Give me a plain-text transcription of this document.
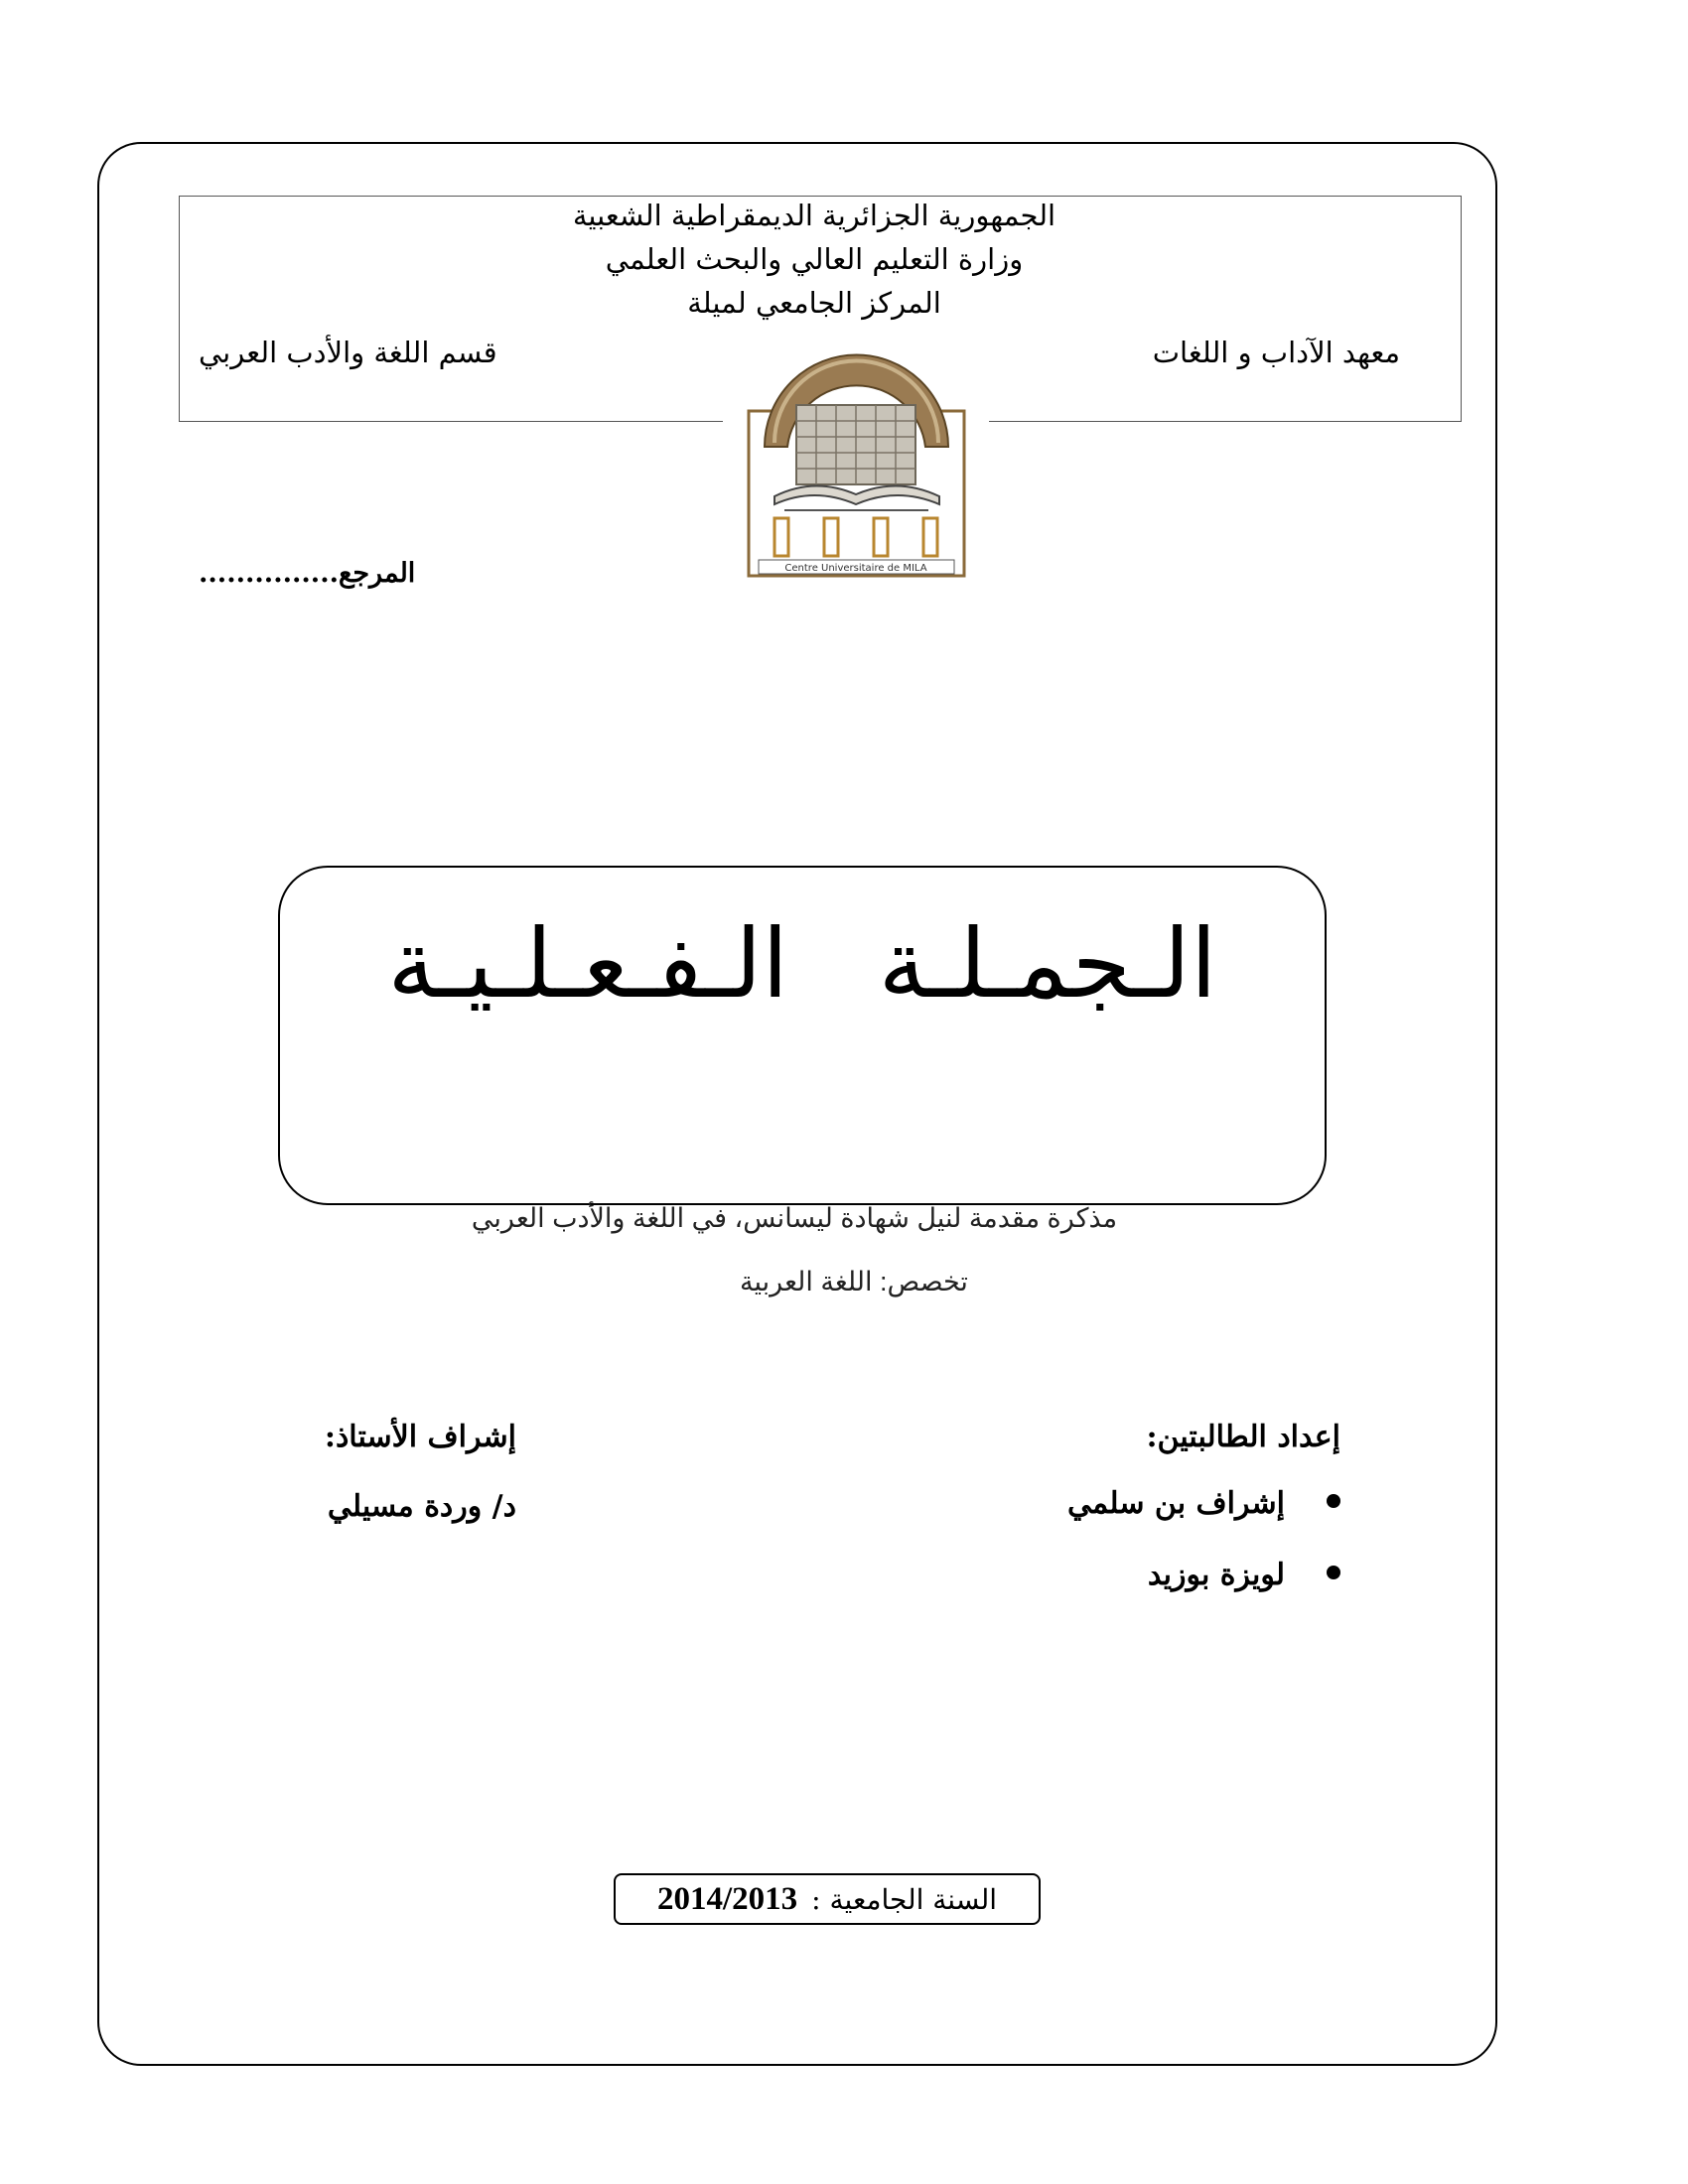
الجمهورية الجزائرية الديمقراطية الشعبية
وزارة التعليم العالي والبحث العلمي
المركز الجامعي لميلة
معهد الآداب و اللغات
قسم اللغة والأدب العربي
Centre Universitaire de MILA
المرجع...............
الـجمـلـة الـفـعـلـيـة
مذكرة مقدمة لنيل شهادة ليسانس، في اللغة والأدب العربي
تخصص: اللغة العربية
إعداد الطالبتين:
إشراف بن سلمي
لويزة بوزيد
إشراف الأستاذ:
د/ وردة مسيلي
السنة الجامعية :
2014/2013
